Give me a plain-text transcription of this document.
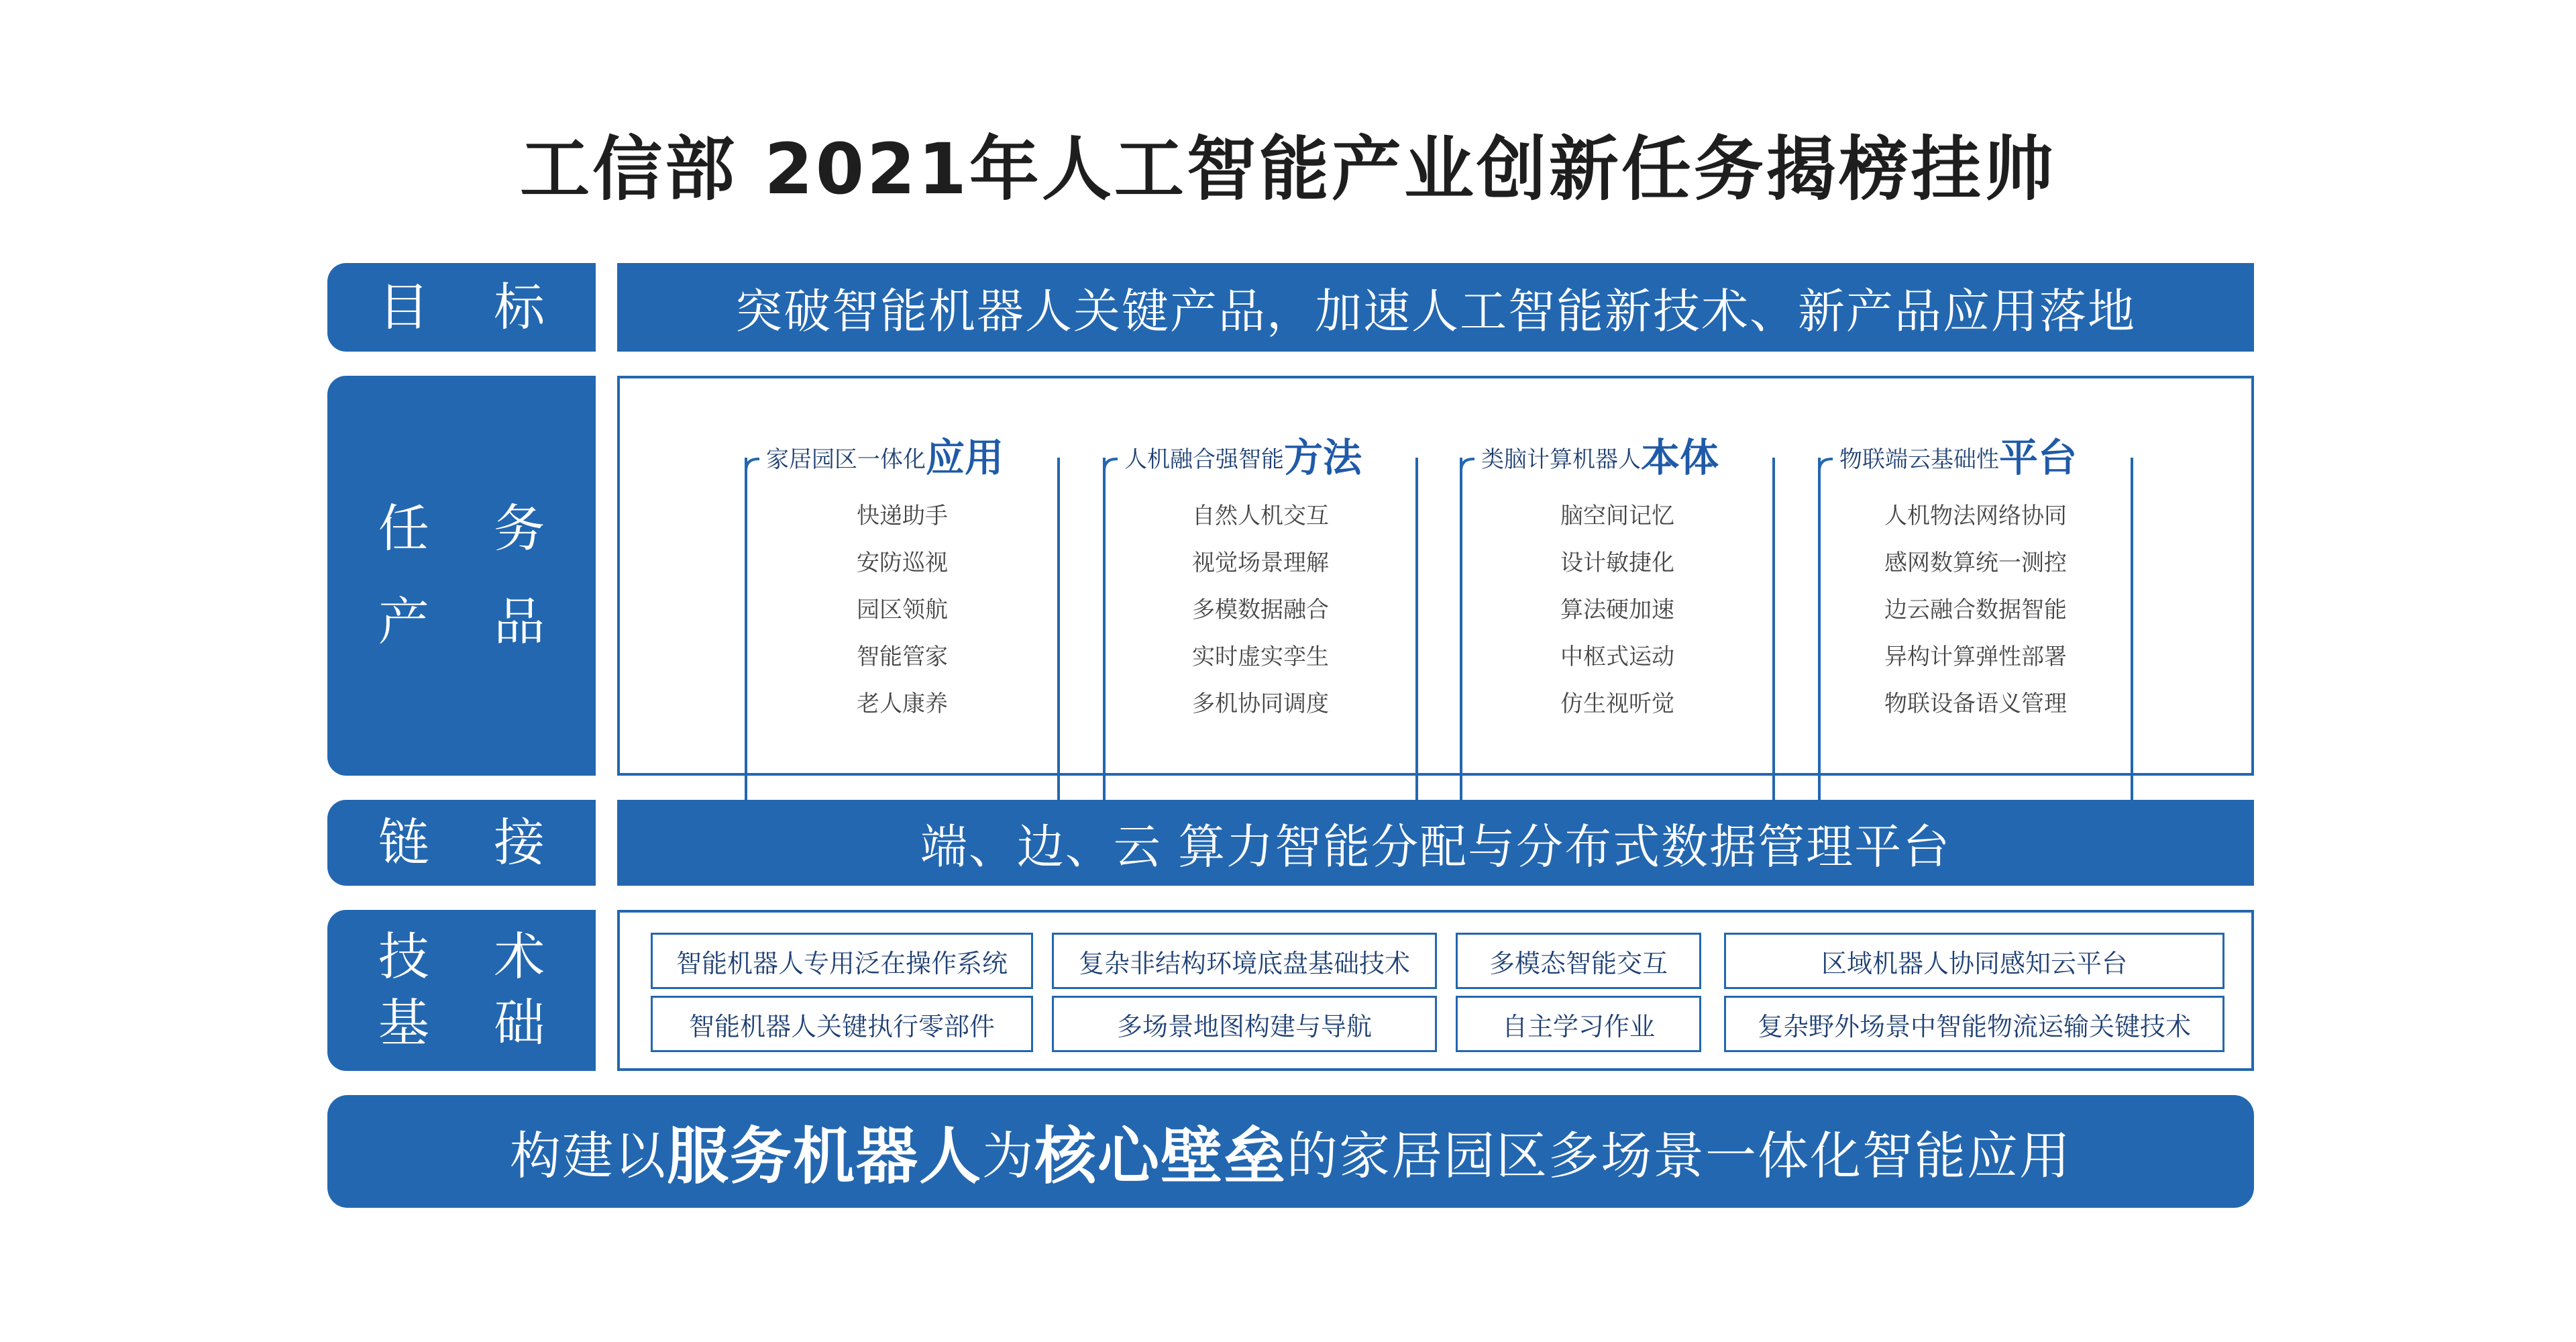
工信部 2021年人工智能产业创新任务揭榜挂帅
目 标	突破智能机器人关键产品，加速人工智能新技术、新产品应用落地
任 务
产 品
家居园区一体化 应用
快递助手
安防巡视
园区领航
智能管家
老人康养
人机融合强智能 方法
自然人机交互
视觉场景理解
多模数据融合
实时虚实孪生
多机协同调度
类脑计算机器人 本体
脑空间记忆
设计敏捷化
算法硬加速
中枢式运动
仿生视听觉
物联端云基础性 平台
人机物法网络协同
感网数算统一测控
边云融合数据智能
异构计算弹性部署
物联设备语义管理
链 接	端、边、云 算力智能分配与分布式数据管理平台
技 术
基 础
智能机器人专用泛在操作系统	复杂非结构环境底盘基础技术	多模态智能交互	区域机器人协同感知云平台
智能机器人关键执行零部件	多场景地图构建与导航	自主学习作业	复杂野外场景中智能物流运输关键技术
构建以 服务机器人 为 核心壁垒 的家居园区多场景一体化智能应用
